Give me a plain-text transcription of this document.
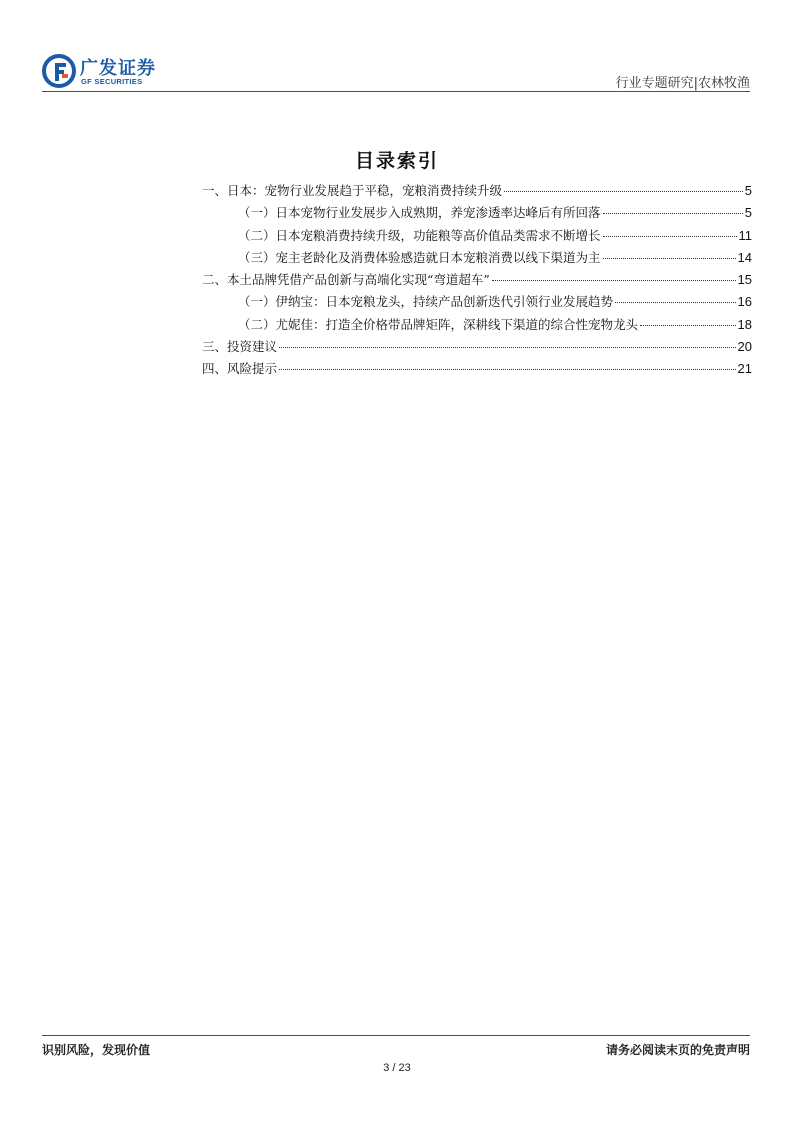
广发证券
GF SECURITIES	行业专题研究|农林牧渔
目录索引
一、日本：宠物行业发展趋于平稳，宠粮消费持续升级	5
（一）日本宠物行业发展步入成熟期，养宠渗透率达峰后有所回落	5
（二）日本宠粮消费持续升级，功能粮等高价值品类需求不断增长	11
（三）宠主老龄化及消费体验感造就日本宠粮消费以线下渠道为主	14
二、本土品牌凭借产品创新与高端化实现“弯道超车”	15
（一）伊纳宝：日本宠粮龙头，持续产品创新迭代引领行业发展趋势	16
（二）尤妮佳：打造全价格带品牌矩阵，深耕线下渠道的综合性宠物龙头	18
三、投资建议	20
四、风险提示	21
识别风险，发现价值	请务必阅读末页的免责声明
3 / 23
